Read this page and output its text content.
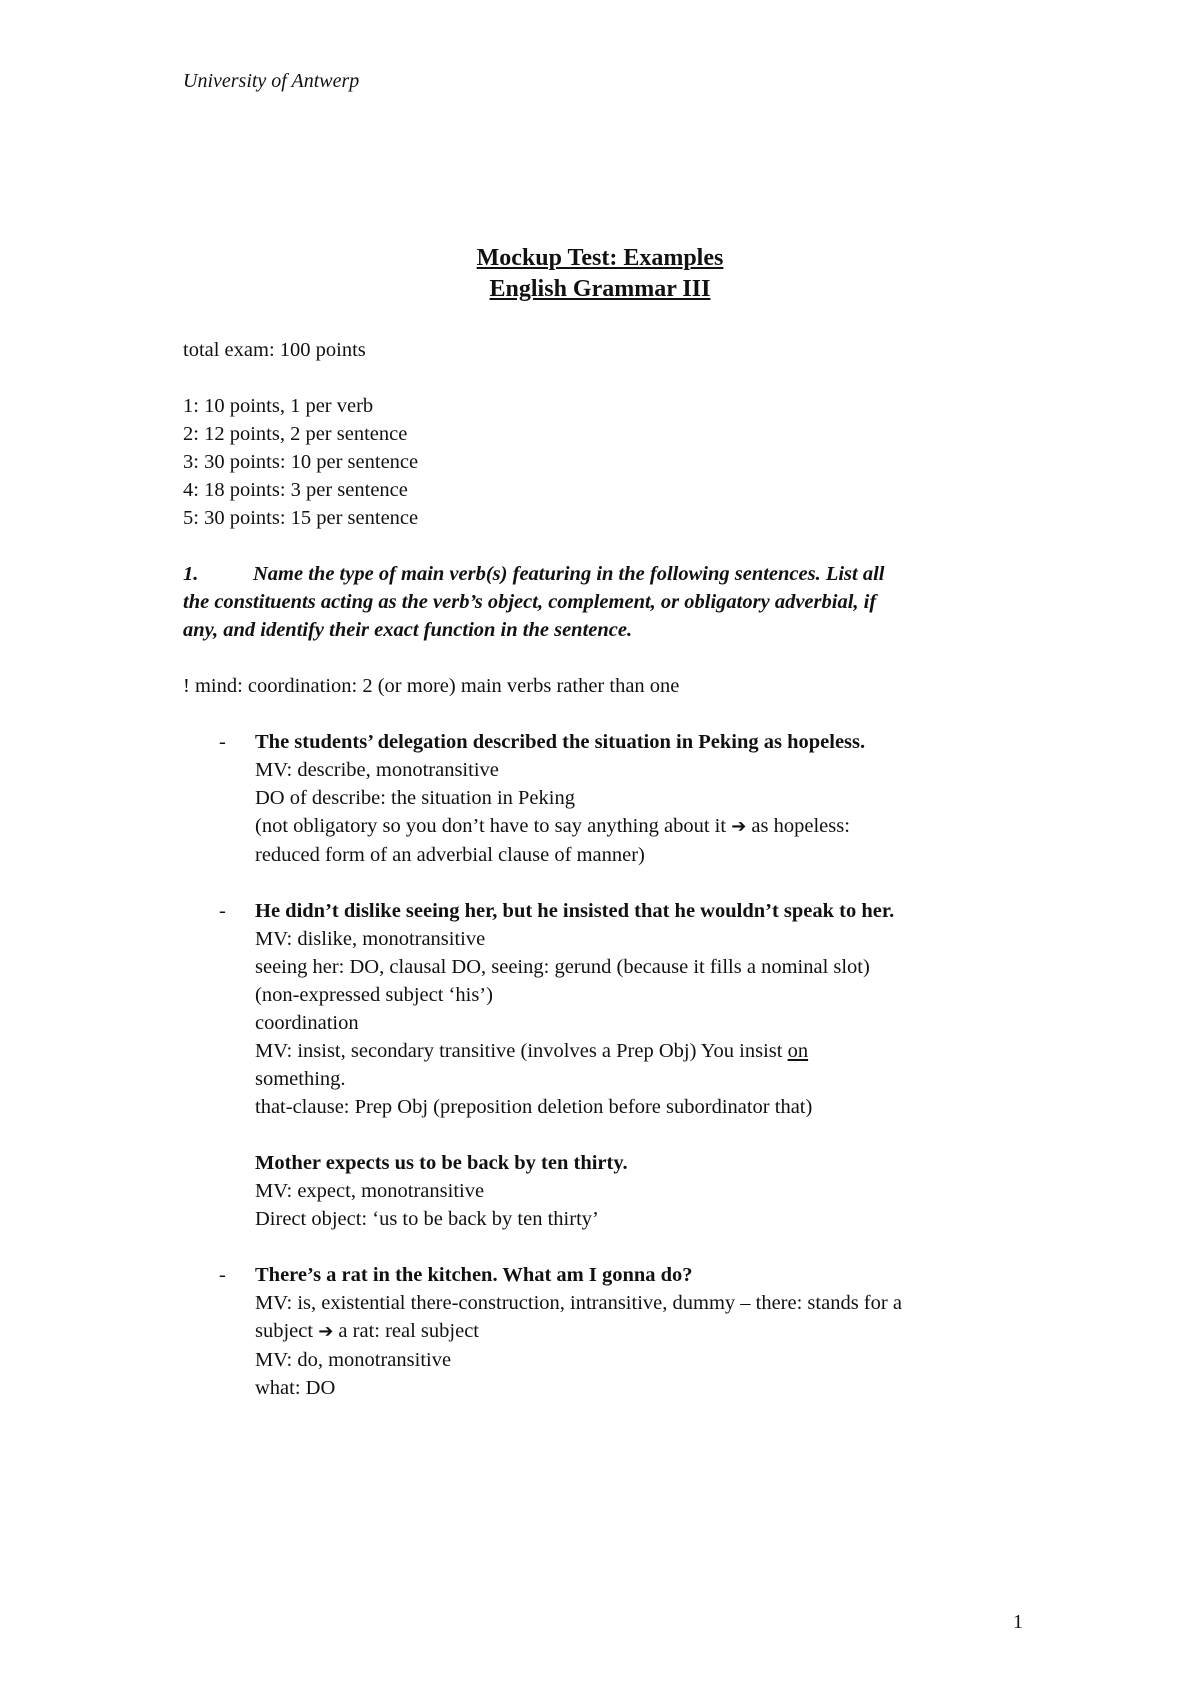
University of Antwerp
Mockup Test: Examples
English Grammar III

total exam: 100 points

1: 10 points, 1 per verb

2: 12 points, 2 per sentence

3: 30 points: 10 per sentence

4: 18 points: 3 per sentence

5: 30 points: 15 per sentence

1.	Name the type of main verb(s) featuring in the following sentences. List all
the constituents acting as the verb’s object, complement, or obligatory adverbial, if
any, and identify their exact function in the sentence.

! mind: coordination: 2 (or more) main verbs rather than one

- The students’ delegation described the situation in Peking as hopeless.
MV: describe, monotransitive
DO of describe: the situation in Peking
(not obligatory so you don’t have to say anything about it ➔ as hopeless:
reduced form of an adverbial clause of manner)
- He didn’t dislike seeing her, but he insisted that he wouldn’t speak to her.
MV: dislike, monotransitive
seeing her: DO, clausal DO, seeing: gerund (because it fills a nominal slot)
(non-expressed subject ‘his’)
coordination
MV: insist, secondary transitive (involves a Prep Obj) You insist on
something.
that-clause: Prep Obj (preposition deletion before subordinator that)
Mother expects us to be back by ten thirty.
MV: expect, monotransitive
Direct object: ‘us to be back by ten thirty’
- There’s a rat in the kitchen. What am I gonna do?
MV: is, existential there-construction, intransitive, dummy – there: stands for a
subject ➔ a rat: real subject
MV: do, monotransitive
what: DO
1
